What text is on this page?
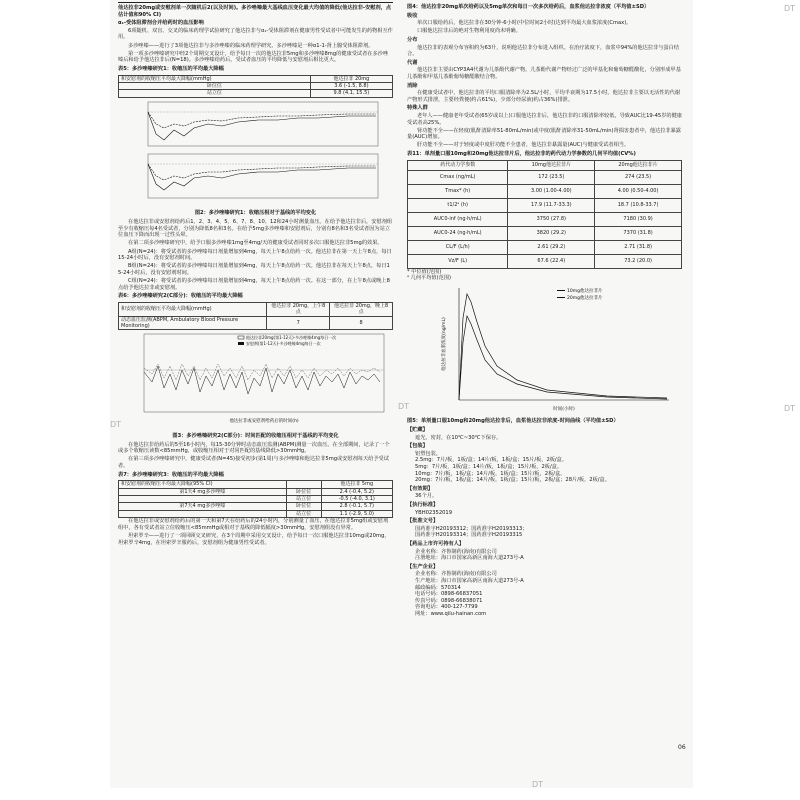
他达拉非20mg或安慰剂单一次随机后2(以及时间)。多沙唑嗪最大基线血压变化最大均值的降低(他达拉非-安慰剂，点估计值和90% CI)
α₁-受体阻滞剂合并给药时的血压影响

6项随机、双盲、交叉的临床药理学试验研究了他达拉非与α₁-受体阻滞剂在健康男性受试者中可能发生的药物相互作用。

多沙唑嗪——进行了3项他达拉非与多沙唑嗪的临床药理学研究。多沙唑嗪是一种α1-1-肾上腺受体阻滞剂。

第一项多沙唑嗪研究中经2个周期交叉设计，给予每日一次的他达拉非5mg和多沙唑嗪8mg的健康受试者在多沙唑嗪后和给予他达拉非后(N=18)。多沙唑嗪给药后，受试者血压的平均降低与安慰剂后相比更大。

表5：多沙唑嗪研究1：收缩压的平均最大降幅
和安慰剂的收缩压平均最大降幅(mmHg)	他达拉非 20mg
卧位位	3.6 (-1.5, 8.8)
站立位	9.8 (4.1, 15.5)
图2：多沙唑嗪研究1：收缩压相对于基线的平均变化

在他达拉非或安慰剂给药后1、2、3、4、5、6、7、8、10、12和24小时测量血压。在给予他达拉非后，安慰剂组至少有收缩压每4名受试者，分别为降低8名和3名。在给予5mg多沙唑嗪和安慰剂后，分别有8名和3名受试者因为站立位血压下降而出现一过性头晕。

在第二项多沙唑嗪研究中，给予口服多沙唑嗪1mg至4mg/天的健康受试者同时多次口服他达拉非5mg的效果。

A组(N=24)：将受试者的多沙唑嗪每日剂量增加到4mg，每天上午8点给药一次。他达拉非在第一天上午8点，每日15-24小时后，没有安慰剂时间。

B组(N=24)：将受试者的多沙唑嗪每日剂量增加到4mg，每天上午8点给药一次。他达拉非在每天上午8点，每日15-24小时后，没有安慰剂时间。

C组(N=24)：将受试者的多沙唑嗪每日剂量增加到4mg，每天上午8点给药一次。在这一部分，在上午8点或晚上8点给予他达拉非或安慰剂。

表6：多沙唑嗪研究2(C部分)：收缩压的平均最大降幅
和安慰剂的收缩压平均最大降幅(mmHg)	他达拉非 20mg，上午8点	他达拉非 20mg，晚上8点
动态血压监测(ABPM, Ambulatory Blood Pressure Monitoring)	7	8
他达拉非20mg(第1-12天)-多沙唑嗪4mg每日一次
安慰剂(第1-12天)-多沙唑嗪4mg每日一次
他达拉非或安慰剂给药后的时间(h)
图3：多沙唑嗪研究2(C部分)：时间匹配的收缩压相对于基线的平均变化

在他达拉非给药后的5至16小时内，每15-30分钟时动态血压监测(ABPM)测量一次血压。在全部期间，记录了一个或多个收缩压读数<85mmHg，或收缩压相对于对同匹配的基线降低>30mmHg。

在第三项多沙唑嗪研究中，健康受试者(N=45)接受初步(第1周)与多沙唑嗪和他达拉非5mg或安慰剂每天给予受试者。

表7：多沙唑嗪研究3：收缩压的平均最大降幅
和安慰剂的收缩压平均最大降幅(95% CI)		他达拉非 5mg
第1天4 mg多沙唑嗪	卧位位	2.4 (-0.4, 5.2)
	站立位	-0.5 (-4.0, 3.1)
第7天4 mg多沙唑嗪	卧位位	2.8 (-0.1, 5.7)
	站立位	1.1 (-2.9, 5.0)

在他达拉非或安慰剂给药后的第一天和第7天在给药后的24小时内，分别测量了血压，在他达拉非5mg组或安慰剂组中，各有受试者站立位收缩压<85mmHg或相对于基线的降低幅度>30mmHg，安慰剂组没有异常。

坦索罗辛——进行了一项回顾交叉研究，在3个周期中采用交叉设计，给予每日一次口服他达拉非10mg或20mg，坦索罗辛4mg，在坦索罗辛服药后，安慰剂组为健康男性受试者。

图4：他达拉非20mg单次给药以及5mg单次和每日一次多次给药后，血浆他达拉非浓度（平均值±SD）
吸收

单次口服给药后，他达拉非在30分钟-6小时(中位时间2小时)达到平均最大血浆浓度(Cmax)。

口服他达拉非后的绝对生物利用度尚未明确。

分布

他达拉非的表观分布容积约为63升，说明他达拉非分布进入组织。在治疗浓度下，血浆中94%的他达拉非与蛋白结合。

代谢

他达拉非主要由CYP3A4代谢为儿茶酚代谢产物。儿茶酚代谢产物经过广泛的甲基化和葡萄糖醛酸化，分别形成甲基儿茶酚和甲基儿茶酚葡萄糖醛酸结合物。

消除

在健康受试者中，他达拉非的平均口服清除率为2.5L/小时，平均半衰期为17.5小时。他达拉非主要以无活性的代谢产物形式排泄，主要经粪便(约占61%)，少部分经尿液(约占36%)排泄。

特殊人群

老年人——健康老年受试者(65岁或以上)口服他达拉非后，他达拉非的口服清除率较低，导致AUC比19-45岁的健康受试者高25%。

肾功能不全——在轻度(肌酐清除率51-80mL/min)或中度(肌酐清除率31-50mL/min)肾损害患者中，他达拉非暴露量(AUC)增加。

肝功能不全——对于轻度或中度肝功能不全患者，他达拉非暴露量(AUC)与健康受试者相当。

表11：单剂量口服10mg和20mg他达拉非片后，他达拉非的药代动力学参数的几何平均值(CV%)
药代动力学参数	10mg他达拉非片	20mg他达拉非片
Cmax (ng/mL)	172 (23.5)	274 (23.5)
Tmax* (h)	3.00 (1.00-4.00)	4.00 (0.50-4.00)
t1/2ᵃ (h)	17.9 (11.7-33.3)	18.7 (10.8-33.7)
AUC0-inf (ng·h/mL)	3750 (27.8)	7180 (30.9)
AUC0-24 (ng·h/mL)	3820 (29.2)	7370 (31.8)
CL/F (L/h)	2.61 (29.2)	2.71 (31.8)
Vz/F (L)	67.6 (22.4)	73.2 (20.0)
* 中位值(范围)
ᵃ 几何平均值(范围)
10mg他达拉非片
20mg他达拉非片
他达拉非血浆浓度(ng/mL)
时间(小时)
图5：单剂量口服10mg和20mg他达拉非后，血浆他达拉非浓度-时间曲线（平均值±SD）
【贮藏】
遮光，密封，在10℃~30℃下保存。
【包装】
铝塑包装。
2.5mg：7片/板，1板/盒；14片/板，1板/盒；15片/板，2板/盒。
5mg：7片/板，1板/盒；14片/板，1板/盒；15片/板，2板/盒。
10mg：7片/板，1板/盒；14片/板，1板/盒；15片/板，2板/盒。
20mg：7片/板，1板/盒；14片/板，1板/盒；15片/板，2板/盒；28片/板，2板/盒。
【有效期】
36个月。
【执行标准】
YBH02352019
【批准文号】
国药准字H20193312；国药准字H20193313；
国药准字H20193314；国药准字H20193315
【药品上市许可持有人】
企业名称：齐鲁制药(海南)有限公司
注册地址：海口市国家高新区南海大道273号-A
【生产企业】
企业名称：齐鲁制药(海南)有限公司
生产地址：海口市国家高新区南海大道273号-A
邮政编码：570314
电话号码：0898-66837051
传真号码：0898-66838071
咨询电话：400-127-7799
网址：www.qilu-hainan.com
06
DT
DT	DT
DT
DT
